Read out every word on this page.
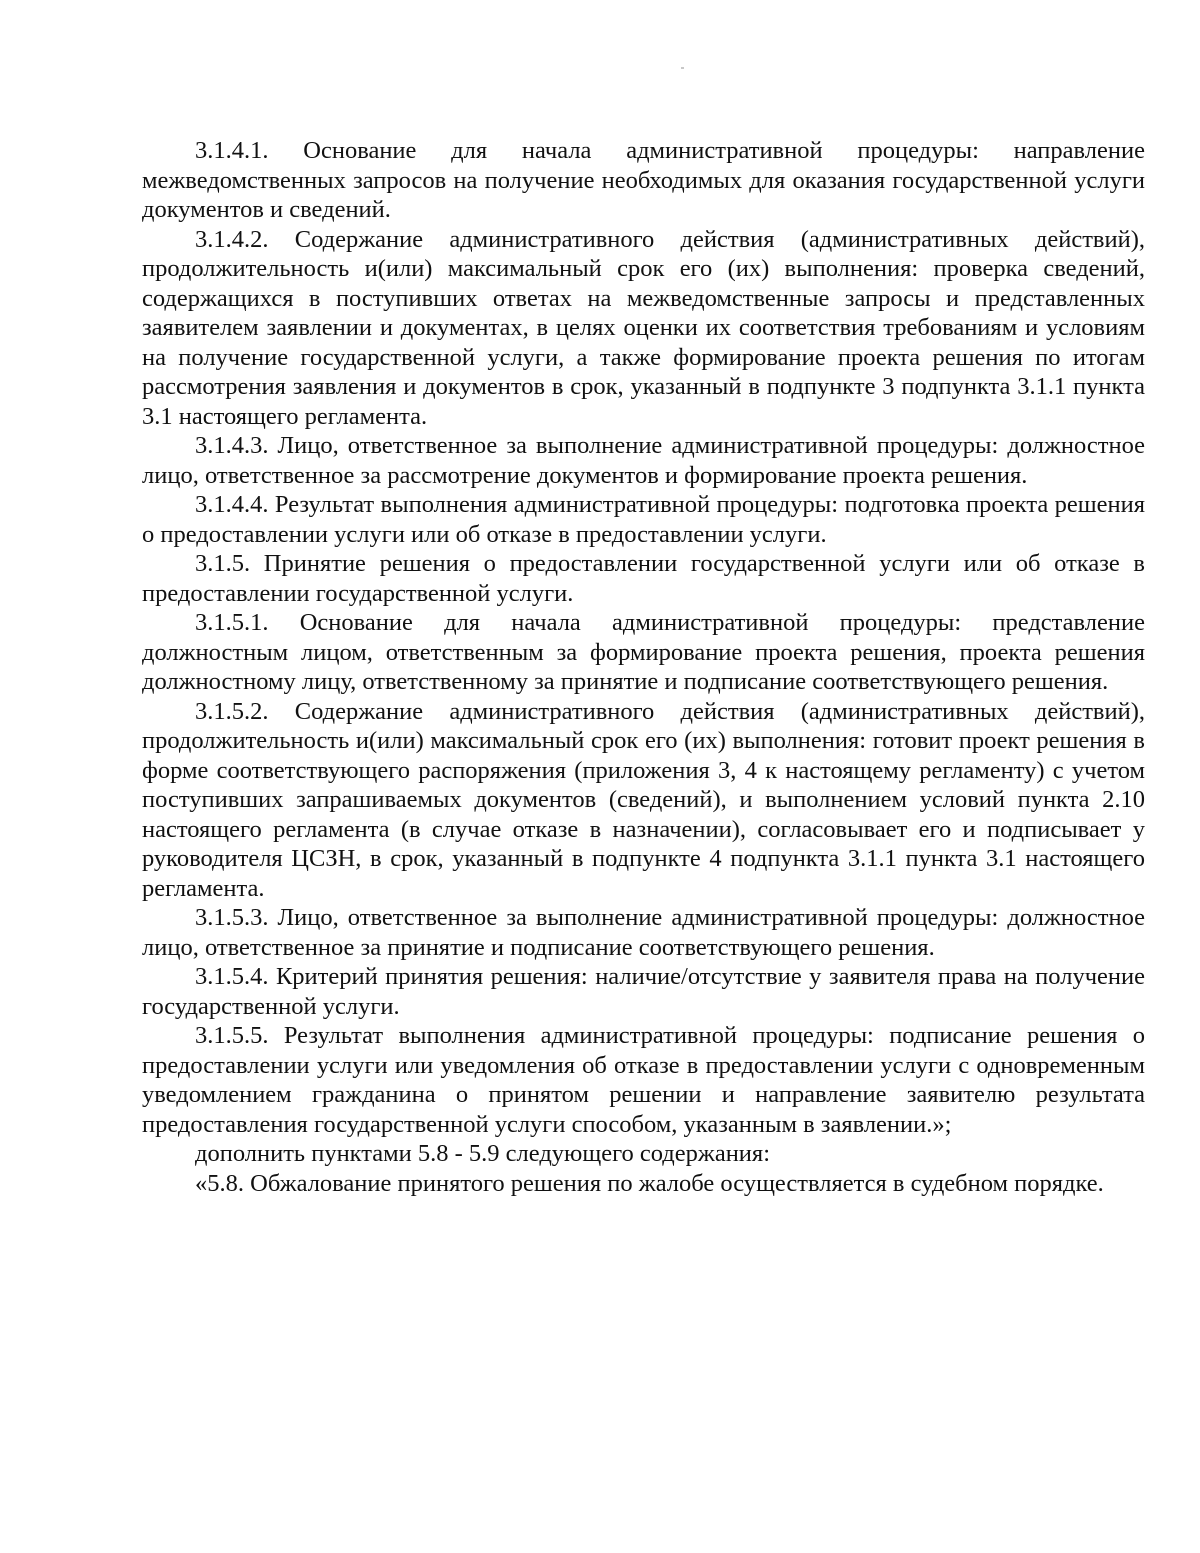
3.1.4.1. Основание для начала административной процедуры: направление межведомственных запросов на получение необходимых для оказания государственной услуги документов и сведений.

3.1.4.2. Содержание административного действия (административных действий), продолжительность и(или) максимальный срок его (их) выполнения: проверка сведений, содержащихся в поступивших ответах на межведомственные запросы и представленных заявителем заявлении и документах, в целях оценки их соответствия требованиям и условиям на получение государственной услуги, а также формирование проекта решения по итогам рассмотрения заявления и документов в срок, указанный в подпункте 3 подпункта 3.1.1 пункта 3.1 настоящего регламента.

3.1.4.3. Лицо, ответственное за выполнение административной процедуры: должностное лицо, ответственное за рассмотрение документов и формирование проекта решения.

3.1.4.4. Результат выполнения административной процедуры: подготовка проекта решения о предоставлении услуги или об отказе в предоставлении услуги.

3.1.5. Принятие решения о предоставлении государственной услуги или об отказе в предоставлении государственной услуги.

3.1.5.1. Основание для начала административной процедуры: представление должностным лицом, ответственным за формирование проекта решения, проекта решения должностному лицу, ответственному за принятие и подписание соответствующего решения.

3.1.5.2. Содержание административного действия (административных действий), продолжительность и(или) максимальный срок его (их) выполнения: готовит проект решения в форме соответствующего распоряжения (приложения 3, 4 к настоящему регламенту) с учетом поступивших запрашиваемых документов (сведений), и выполнением условий пункта 2.10 настоящего регламента (в случае отказе в назначении), согласовывает его и подписывает у руководителя ЦСЗН, в срок, указанный в подпункте 4 подпункта 3.1.1 пункта 3.1 настоящего регламента.

3.1.5.3. Лицо, ответственное за выполнение административной процедуры: должностное лицо, ответственное за принятие и подписание соответствующего решения.

3.1.5.4. Критерий принятия решения: наличие/отсутствие у заявителя права на получение государственной услуги.

3.1.5.5. Результат выполнения административной процедуры: подписание решения о предоставлении услуги или уведомления об отказе в предоставлении услуги с одновременным уведомлением гражданина о принятом решении и направление заявителю результата предоставления государственной услуги способом, указанным в заявлении.»;

дополнить пунктами 5.8 - 5.9 следующего содержания:

«5.8. Обжалование принятого решения по жалобе осуществляется в судебном порядке.
